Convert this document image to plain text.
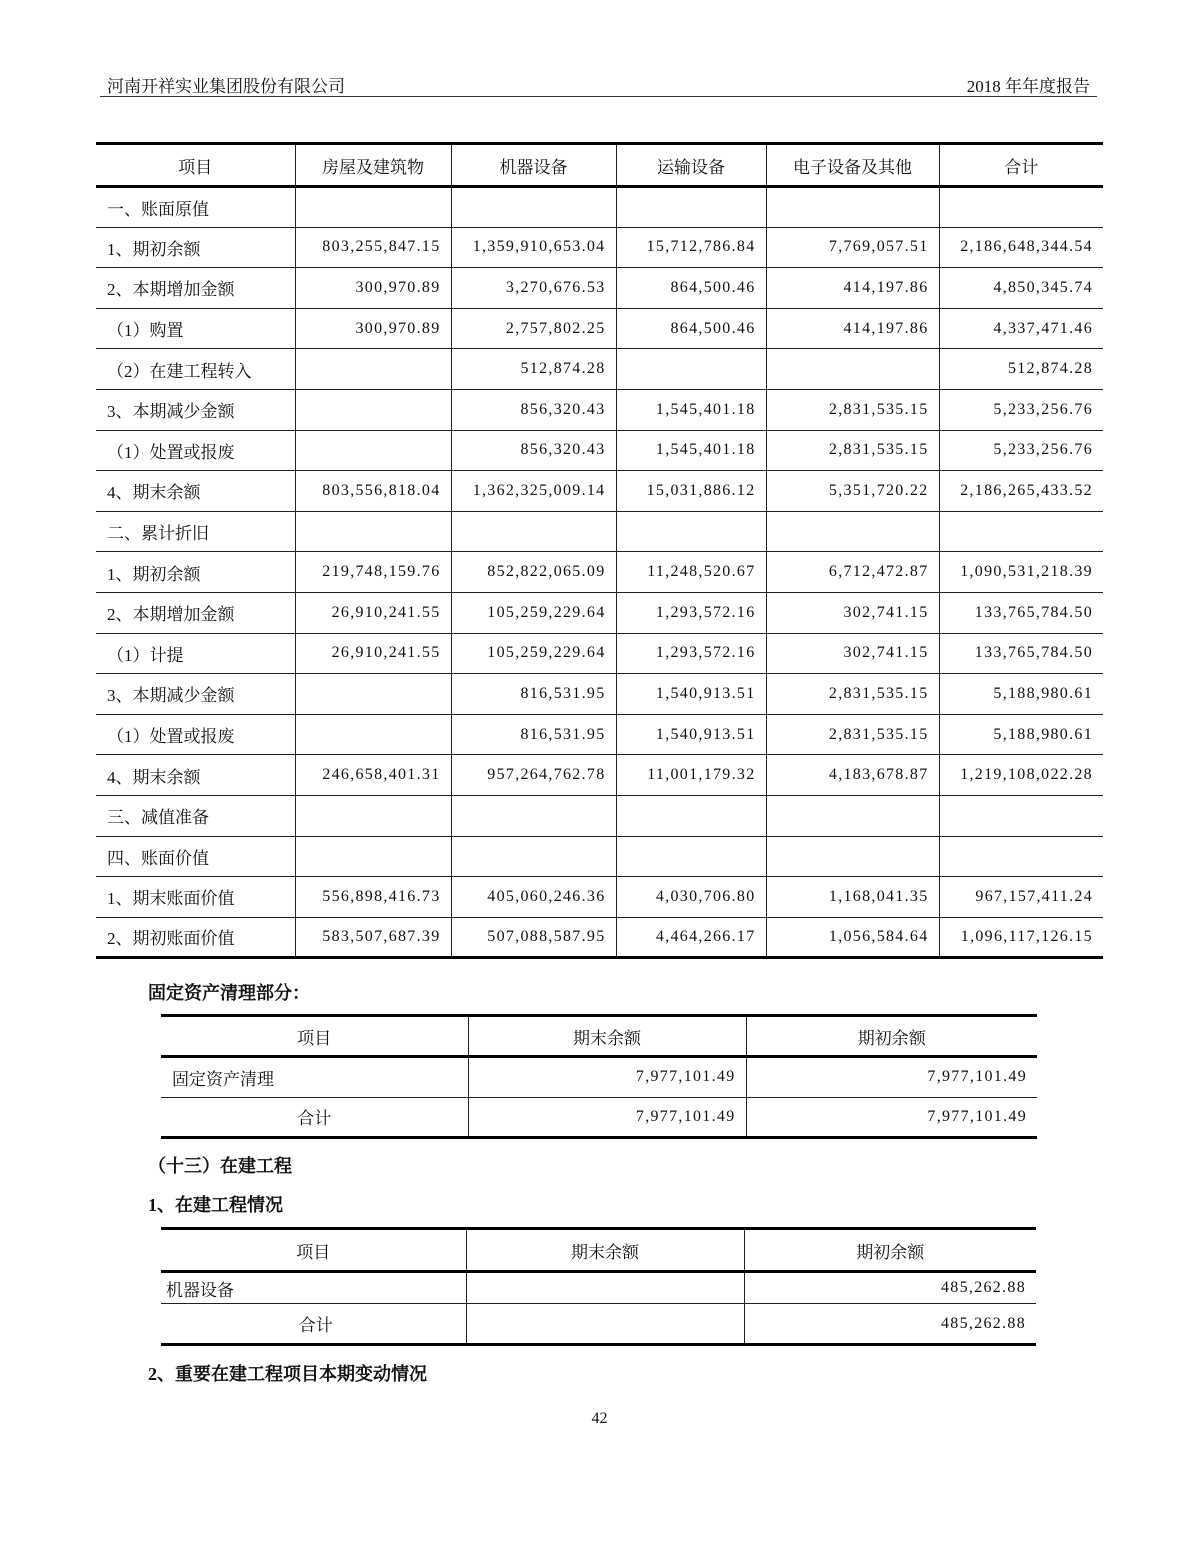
河南开祥实业集团股份有限公司	2018 年年度报告
项目	房屋及建筑物	机器设备	运输设备	电子设备及其他	合计
一、账面原值					
1、期初余额	803,255,847.15	1,359,910,653.04	15,712,786.84	7,769,057.51	2,186,648,344.54
2、本期增加金额	300,970.89	3,270,676.53	864,500.46	414,197.86	4,850,345.74
（1）购置	300,970.89	2,757,802.25	864,500.46	414,197.86	4,337,471.46
（2）在建工程转入		512,874.28			512,874.28
3、本期减少金额		856,320.43	1,545,401.18	2,831,535.15	5,233,256.76
（1）处置或报废		856,320.43	1,545,401.18	2,831,535.15	5,233,256.76
4、期末余额	803,556,818.04	1,362,325,009.14	15,031,886.12	5,351,720.22	2,186,265,433.52
二、累计折旧					
1、期初余额	219,748,159.76	852,822,065.09	11,248,520.67	6,712,472.87	1,090,531,218.39
2、本期增加金额	26,910,241.55	105,259,229.64	1,293,572.16	302,741.15	133,765,784.50
（1）计提	26,910,241.55	105,259,229.64	1,293,572.16	302,741.15	133,765,784.50
3、本期减少金额		816,531.95	1,540,913.51	2,831,535.15	5,188,980.61
（1）处置或报废		816,531.95	1,540,913.51	2,831,535.15	5,188,980.61
4、期末余额	246,658,401.31	957,264,762.78	11,001,179.32	4,183,678.87	1,219,108,022.28
三、减值准备					
四、账面价值					
1、期末账面价值	556,898,416.73	405,060,246.36	4,030,706.80	1,168,041.35	967,157,411.24
2、期初账面价值	583,507,687.39	507,088,587.95	4,464,266.17	1,056,584.64	1,096,117,126.15
固定资产清理部分：
项目	期末余额	期初余额
固定资产清理	7,977,101.49	7,977,101.49
合计	7,977,101.49	7,977,101.49
（十三）在建工程
1、在建工程情况
项目	期末余额	期初余额
机器设备		485,262.88
合计		485,262.88
2、重要在建工程项目本期变动情况
42
